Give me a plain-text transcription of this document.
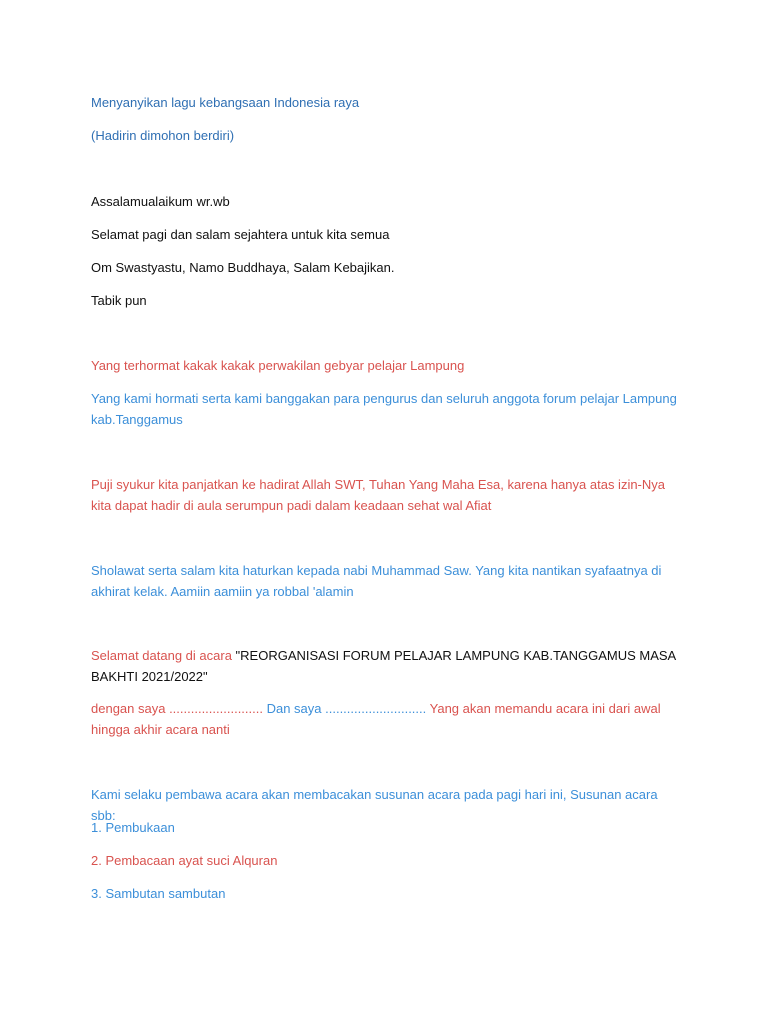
Menyanyikan lagu kebangsaan Indonesia raya

(Hadirin dimohon berdiri)

Assalamualaikum wr.wb

Selamat pagi dan salam sejahtera untuk kita semua

Om Swastyastu, Namo Buddhaya, Salam Kebajikan.

Tabik pun

Yang terhormat kakak kakak perwakilan gebyar pelajar Lampung

Yang kami hormati serta kami banggakan para pengurus dan seluruh anggota forum pelajar Lampung kab.Tanggamus

Puji syukur kita panjatkan ke hadirat Allah SWT, Tuhan Yang Maha Esa, karena hanya atas izin-Nya kita dapat hadir di aula serumpun padi dalam keadaan sehat wal Afiat

Sholawat serta salam kita haturkan kepada nabi Muhammad Saw. Yang kita nantikan syafaatnya di akhirat kelak. Aamiin aamiin ya robbal 'alamin

Selamat datang di acara "REORGANISASI FORUM PELAJAR LAMPUNG KAB.TANGGAMUS MASA BAKHTI 2021/2022"

dengan saya .......................... Dan saya ............................ Yang akan memandu acara ini dari awal hingga akhir acara nanti

Kami selaku pembawa acara akan membacakan susunan acara pada pagi hari ini, Susunan acara sbb:

1. Pembukaan

2. Pembacaan ayat suci Alquran

3. Sambutan sambutan
